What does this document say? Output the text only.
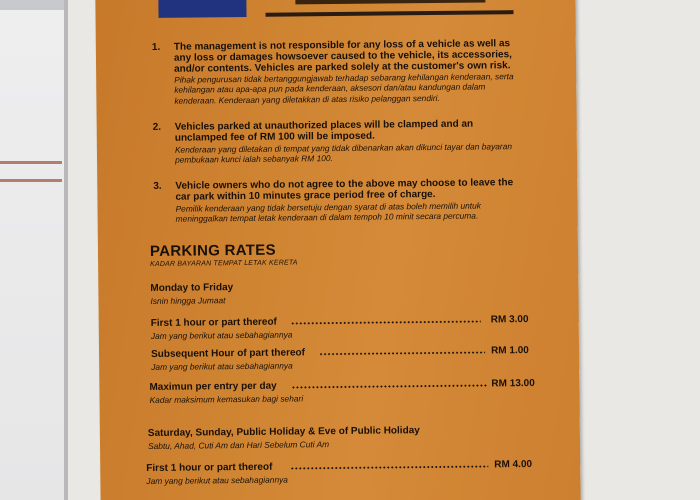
1. The management is not responsible for any loss of a vehicle as well as any loss or damages howsoever caused to the vehicle, its accessories, and/or contents. Vehicles are parked solely at the customer's own risk.
Pihak pengurusan tidak bertanggungjawab terhadap sebarang kehilangan kenderaan, serta kehilangan atau apa-apa pun pada kenderaan, aksesori dan/atau kandungan dalam kenderaan. Kenderaan yang diletakkan di atas risiko pelanggan sendiri.
2. Vehicles parked at unauthorized places will be clamped and an unclamped fee of RM 100 will be imposed.
Kenderaan yang diletakan di tempat yang tidak dibenarkan akan dikunci tayar dan bayaran pembukaan kunci ialah sebanyak RM 100.
3. Vehicle owners who do not agree to the above may choose to leave the car park within 10 minutes grace period free of charge.
Pemilik kenderaan yang tidak bersetuju dengan syarat di atas boleh memilih untuk meninggalkan tempat letak kenderaan di dalam tempoh 10 minit secara percuma.
PARKING RATES
KADAR BAYARAN TEMPAT LETAK KERETA
Monday to Friday
Isnin hingga Jumaat
First 1 hour or part thereof	RM 3.00
Jam yang berikut atau sebahagiannya
Subsequent Hour of part thereof	RM 1.00
Jam yang berikut atau sebahagiannya
Maximun per entry per day	RM 13.00
Kadar maksimum kemasukan bagi sehari
Saturday, Sunday, Public Holiday & Eve of Public Holiday
Sabtu, Ahad, Cuti Am dan Hari Sebelum Cuti Am
First 1 hour or part thereof	RM 4.00
Jam yang berikut atau sebahagiannya
